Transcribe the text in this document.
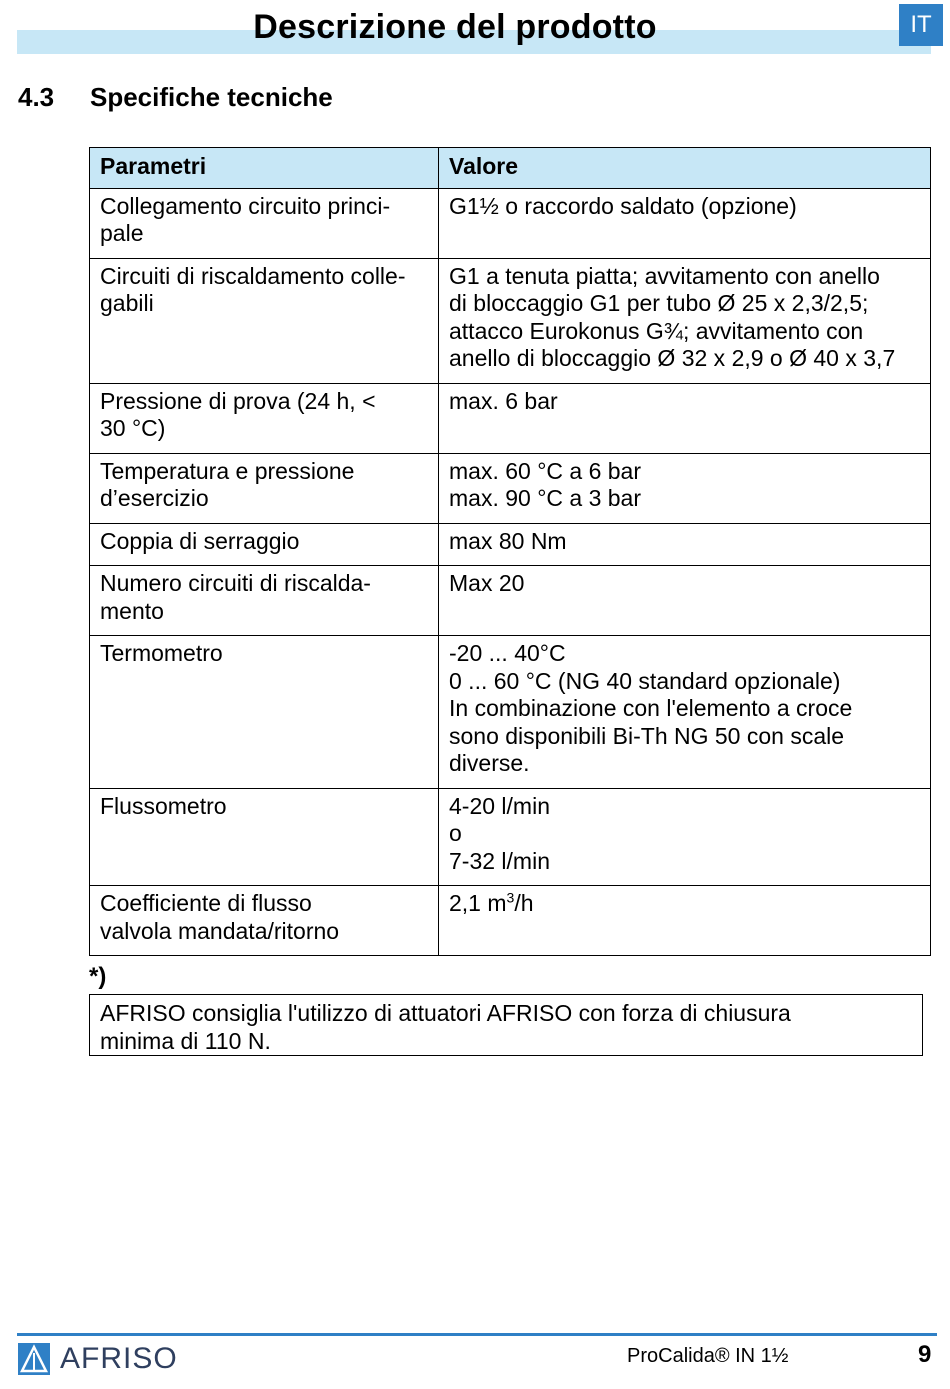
Descrizione del prodotto	IT
4.3 Specifiche tecniche
Parametri	Valore

Collegamento circuito princi-
pale	G1½ o raccordo saldato (opzione)

Circuiti di riscaldamento colle-
gabili	G1 a tenuta piatta; avvitamento con anello
di bloccaggio G1 per tubo Ø 25 x 2,3/2,5;
attacco Eurokonus G¾; avvitamento con
anello di bloccaggio Ø 32 x 2,9 o Ø 40 x 3,7

Pressione di prova (24 h, <
30 °C)	max. 6 bar

Temperatura e pressione
d’esercizio	max. 60 °C a 6 bar
max. 90 °C a 3 bar

Coppia di serraggio	max 80 Nm

Numero circuiti di riscalda-
mento	Max 20

Termometro	-20 ... 40°C
0 ... 60 °C (NG 40 standard opzionale)
In combinazione con l'elemento a croce
sono disponibili Bi-Th NG 50 con scale
diverse.

Flussometro	4-20 l/min
o
7-32 l/min

Coefficiente di flusso
valvola mandata/ritorno	2,1 $m^3/h$
*)
AFRISO consiglia l'utilizzo di attuatori AFRISO con forza di chiusura
minima di 110 N.
AFRISO	ProCalida® IN 1½	9
